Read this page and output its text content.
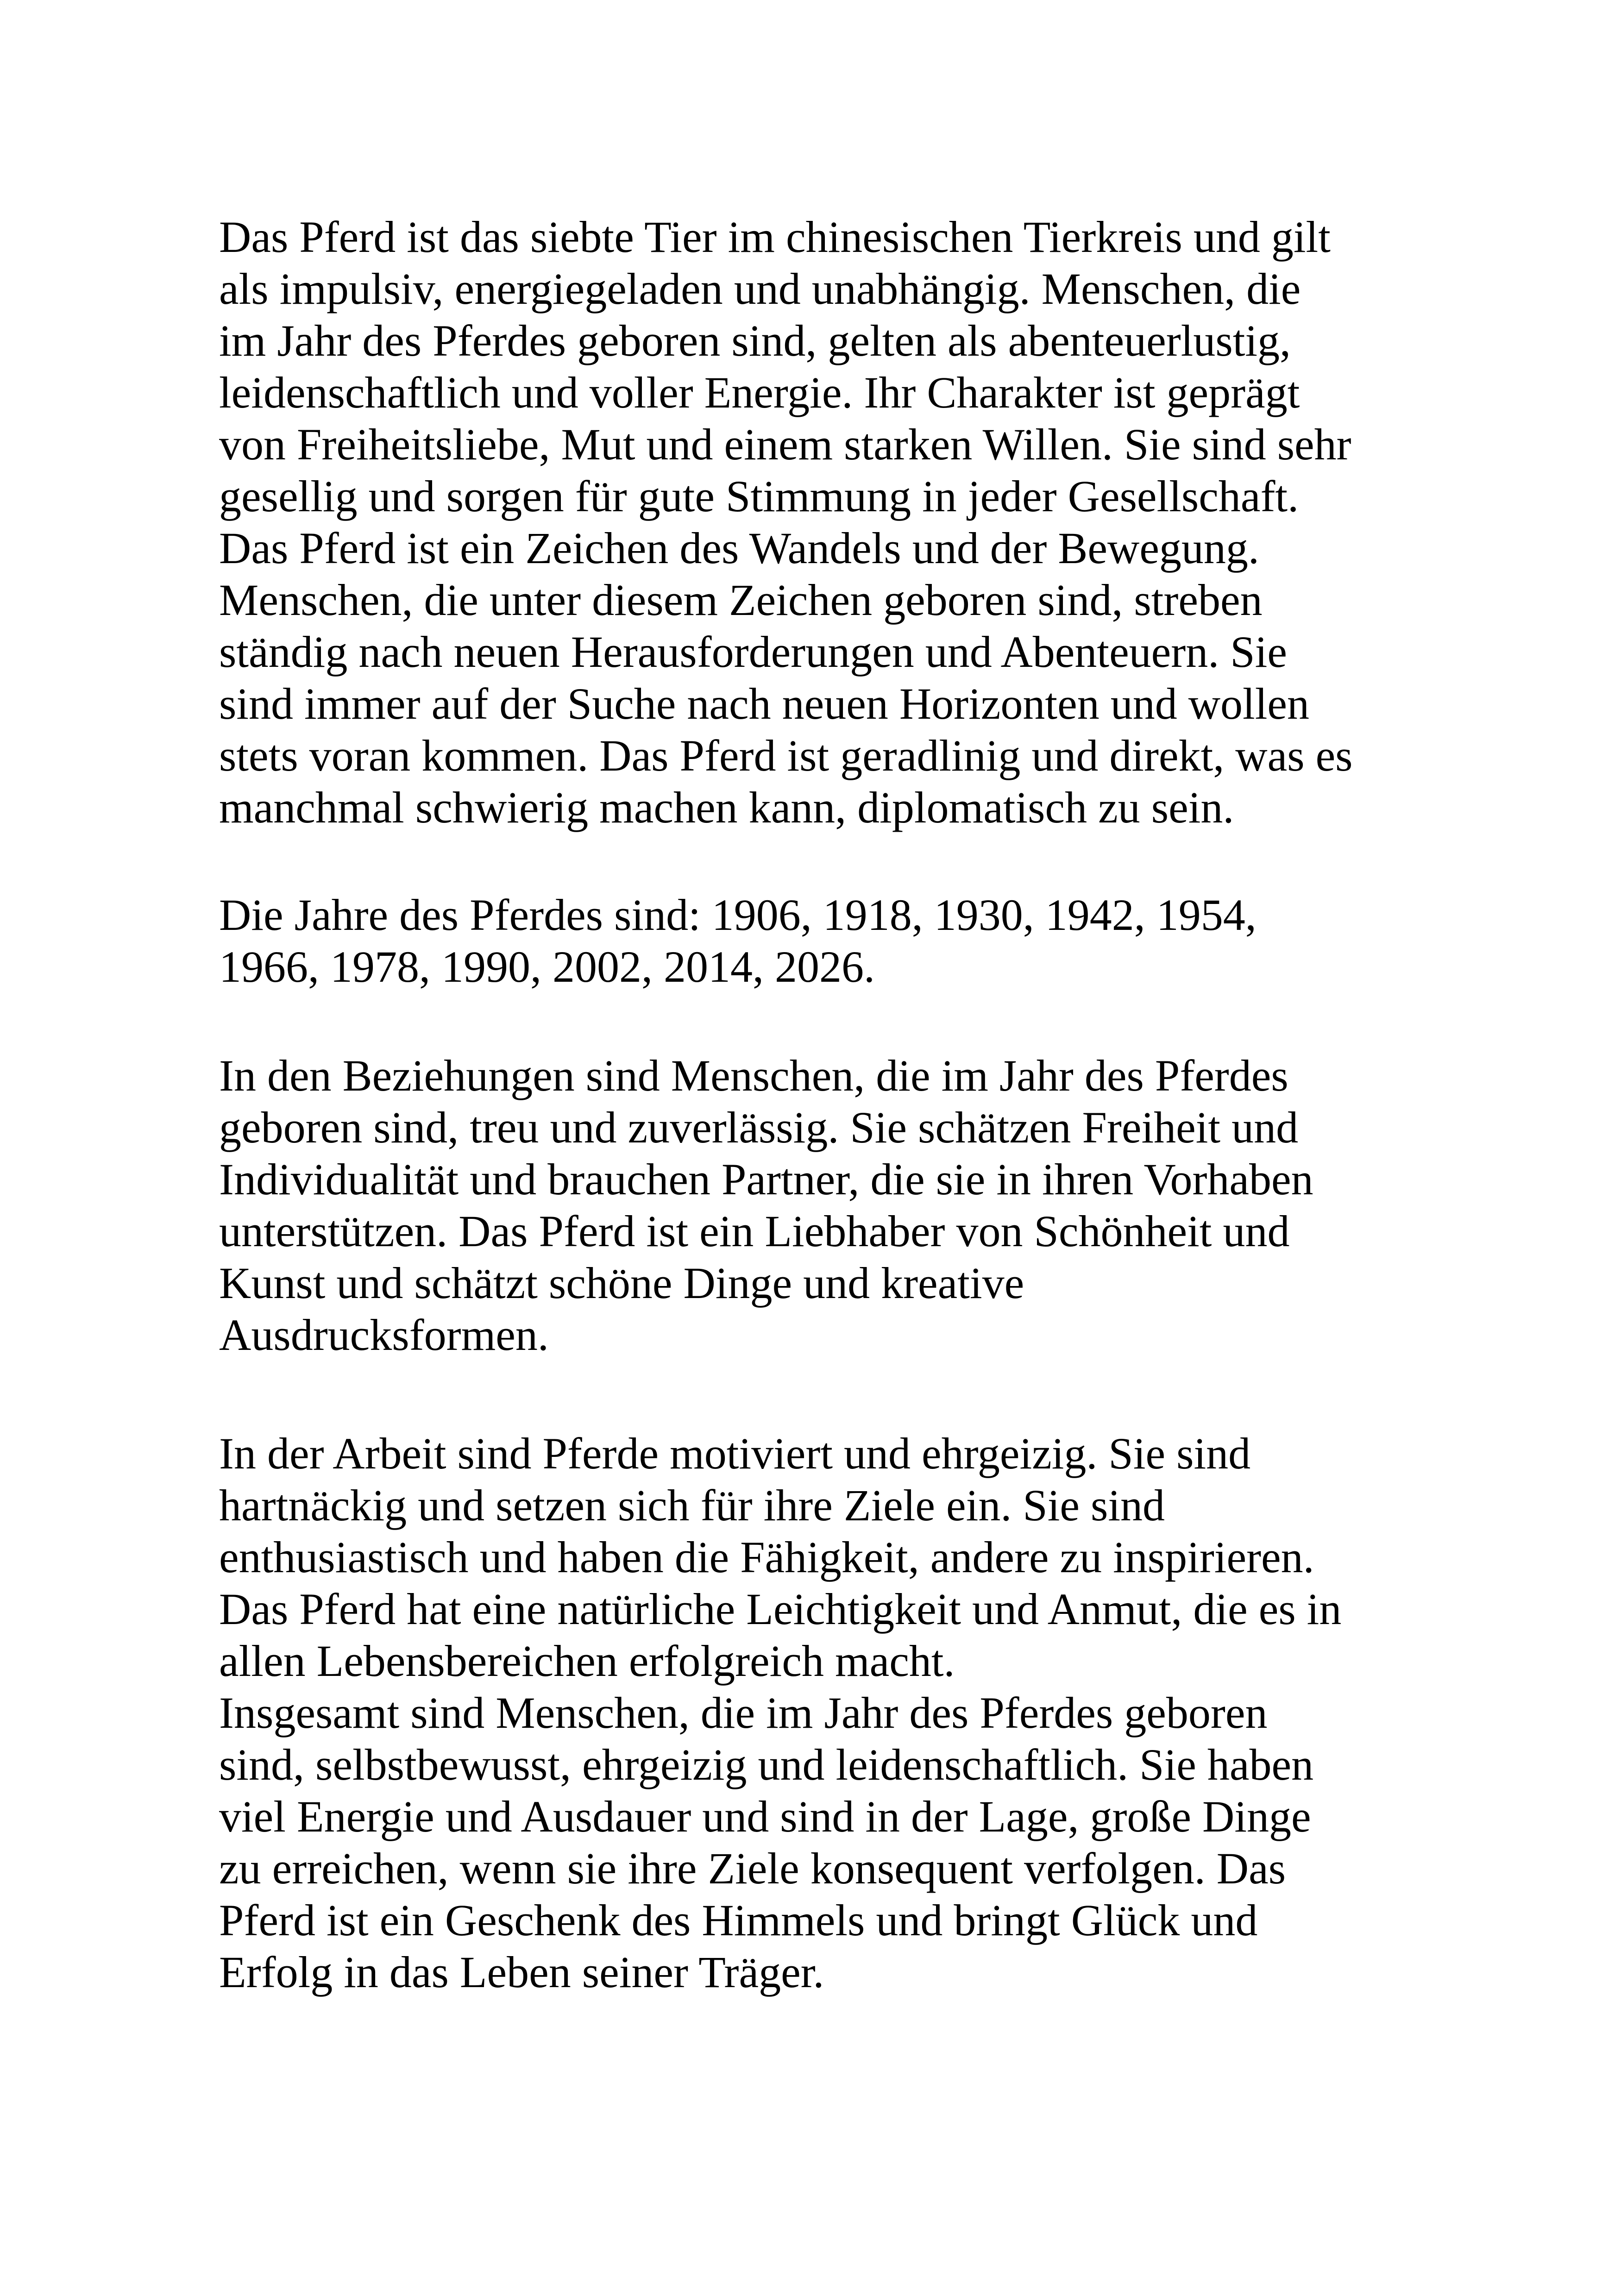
Das Pferd ist das siebte Tier im chinesischen Tierkreis und gilt

als impulsiv, energiegeladen und unabhängig. Menschen, die

im Jahr des Pferdes geboren sind, gelten als abenteuerlustig,

leidenschaftlich und voller Energie. Ihr Charakter ist geprägt

von Freiheitsliebe, Mut und einem starken Willen. Sie sind sehr

gesellig und sorgen für gute Stimmung in jeder Gesellschaft.

Das Pferd ist ein Zeichen des Wandels und der Bewegung.

Menschen, die unter diesem Zeichen geboren sind, streben

ständig nach neuen Herausforderungen und Abenteuern. Sie

sind immer auf der Suche nach neuen Horizonten und wollen

stets voran kommen. Das Pferd ist geradlinig und direkt, was es

manchmal schwierig machen kann, diplomatisch zu sein.

Die Jahre des Pferdes sind: 1906, 1918, 1930, 1942, 1954,

1966, 1978, 1990, 2002, 2014, 2026.

In den Beziehungen sind Menschen, die im Jahr des Pferdes

geboren sind, treu und zuverlässig. Sie schätzen Freiheit und

Individualität und brauchen Partner, die sie in ihren Vorhaben

unterstützen. Das Pferd ist ein Liebhaber von Schönheit und

Kunst und schätzt schöne Dinge und kreative

Ausdrucksformen.

In der Arbeit sind Pferde motiviert und ehrgeizig. Sie sind

hartnäckig und setzen sich für ihre Ziele ein. Sie sind

enthusiastisch und haben die Fähigkeit, andere zu inspirieren.

Das Pferd hat eine natürliche Leichtigkeit und Anmut, die es in

allen Lebensbereichen erfolgreich macht.

Insgesamt sind Menschen, die im Jahr des Pferdes geboren

sind, selbstbewusst, ehrgeizig und leidenschaftlich. Sie haben

viel Energie und Ausdauer und sind in der Lage, große Dinge

zu erreichen, wenn sie ihre Ziele konsequent verfolgen. Das

Pferd ist ein Geschenk des Himmels und bringt Glück und

Erfolg in das Leben seiner Träger.
